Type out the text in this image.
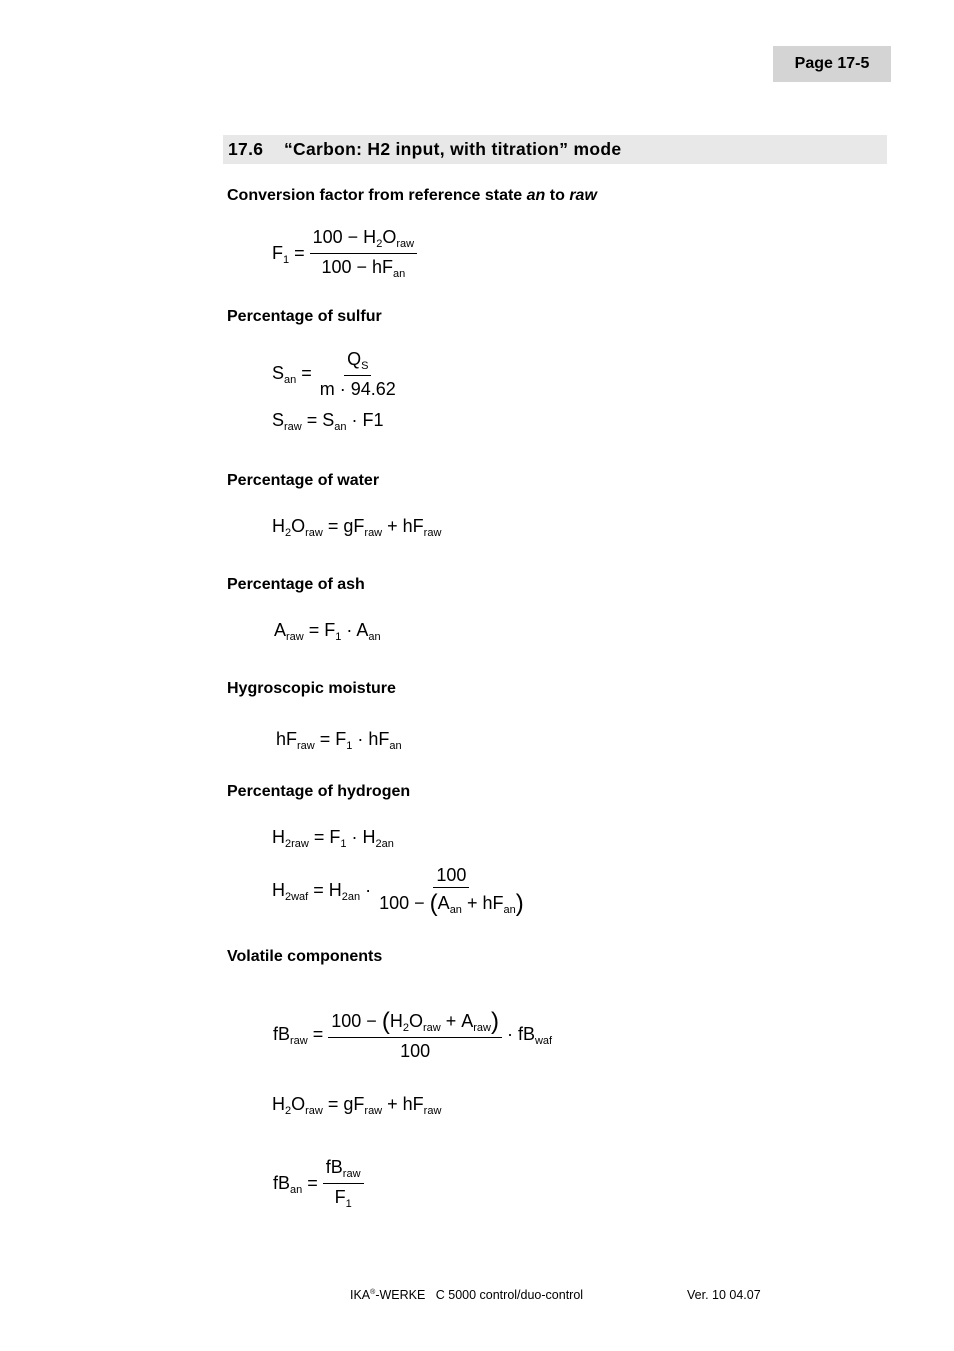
Page 17-5
17.6	“Carbon: H2 input, with titration” mode
Conversion factor from reference state an to raw
$F_1 = \frac{100 - H_2O_{raw}}{100 - hF_{an}}$
Percentage of sulfur
$S_{an} = \frac{Q_S}{m \cdot 94.62}$
$S_{raw} = S_{an} \cdot F1$
Percentage of water
$H_2O_{raw} = gF_{raw} + hF_{raw}$
Percentage of ash
$A_{raw} = F_1 \cdot A_{an}$
Hygroscopic moisture
$hF_{raw} = F_1 \cdot hF_{an}$
Percentage of hydrogen
$H_{2raw} = F_1 \cdot H_{2an}$
$H_{2waf} = H_{2an} \cdot \frac{100}{100 - (A_{an} + hF_{an})}$
Volatile components
$fB_{raw} = \frac{100 - (H_2O_{raw} + A_{raw})}{100} \cdot fB_{waf}$
$H_2O_{raw} = gF_{raw} + hF_{raw}$
$fB_{an} = \frac{fB_{raw}}{F_1}$
IKA®-WERKE   C 5000 control/duo-control	Ver. 10 04.07
